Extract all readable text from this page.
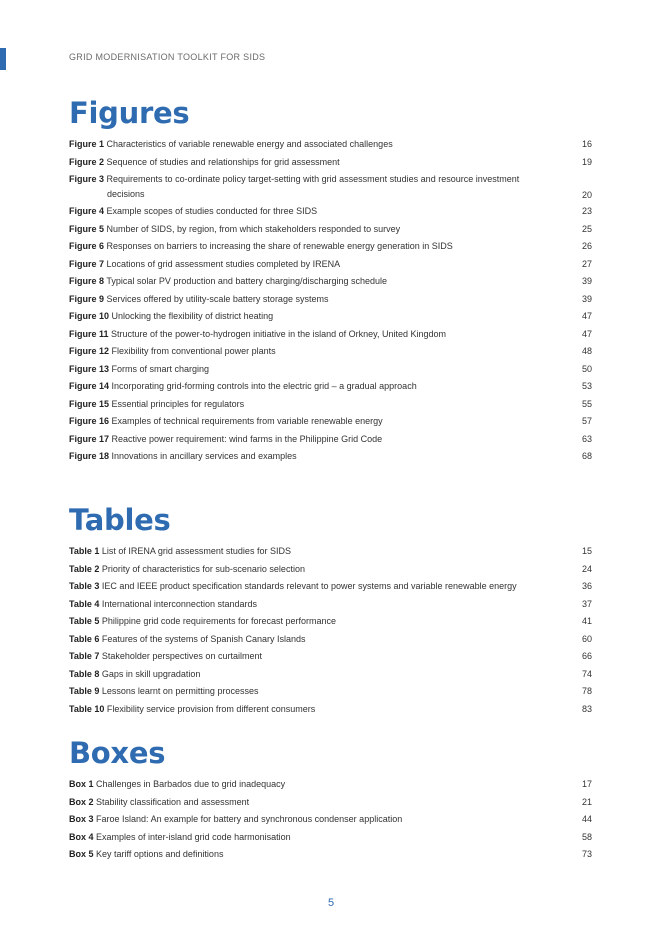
GRID MODERNISATION TOOLKIT FOR SIDS
Figures
Figure 1 Characteristics of variable renewable energy and associated challenges	16
Figure 2 Sequence of studies and relationships for grid assessment	19
Figure 3 Requirements to co-ordinate policy target-setting with grid assessment studies and resource investment
decisions	20
Figure 4 Example scopes of studies conducted for three SIDS	23
Figure 5 Number of SIDS, by region, from which stakeholders responded to survey	25
Figure 6 Responses on barriers to increasing the share of renewable energy generation in SIDS	26
Figure 7 Locations of grid assessment studies completed by IRENA	27
Figure 8 Typical solar PV production and battery charging/discharging schedule	39
Figure 9 Services offered by utility-scale battery storage systems	39
Figure 10 Unlocking the flexibility of district heating	47
Figure 11 Structure of the power-to-hydrogen initiative in the island of Orkney, United Kingdom	47
Figure 12 Flexibility from conventional power plants	48
Figure 13 Forms of smart charging	50
Figure 14 Incorporating grid-forming controls into the electric grid – a gradual approach	53
Figure 15 Essential principles for regulators	55
Figure 16 Examples of technical requirements from variable renewable energy	57
Figure 17 Reactive power requirement: wind farms in the Philippine Grid Code	63
Figure 18 Innovations in ancillary services and examples	68
Tables
Table 1 List of IRENA grid assessment studies for SIDS	15
Table 2 Priority of characteristics for sub-scenario selection	24
Table 3 IEC and IEEE product specification standards relevant to power systems and variable renewable energy	36
Table 4 International interconnection standards	37
Table 5 Philippine grid code requirements for forecast performance	41
Table 6 Features of the systems of Spanish Canary Islands	60
Table 7 Stakeholder perspectives on curtailment	66
Table 8 Gaps in skill upgradation	74
Table 9 Lessons learnt on permitting processes	78
Table 10 Flexibility service provision from different consumers	83
Boxes
Box 1 Challenges in Barbados due to grid inadequacy	17
Box 2 Stability classification and assessment	21
Box 3 Faroe Island: An example for battery and synchronous condenser application	44
Box 4 Examples of inter-island grid code harmonisation	58
Box 5 Key tariff options and definitions	73
5
